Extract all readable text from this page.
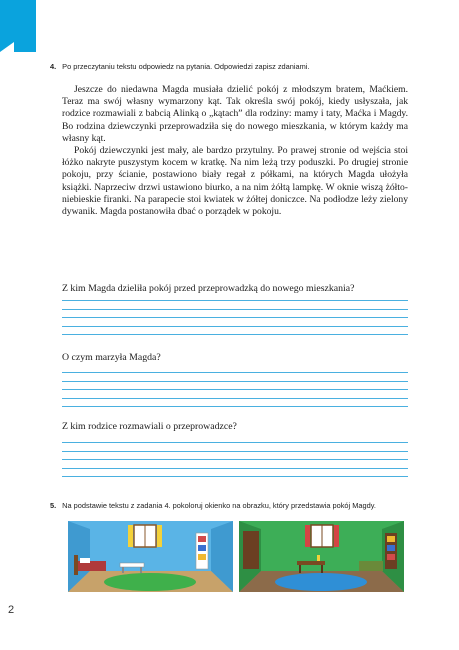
4. Po przeczytaniu tekstu odpowiedz na pytania. Odpowiedzi zapisz zdaniami.

Jeszcze do niedawna Magda musiała dzielić pokój z młodszym bratem, Maćkiem. Teraz ma swój własny wymarzony kąt. Tak określa swój pokój, kiedy usłyszała, jak rodzice rozmawiali z babcią Alinką o „kątach” dla rodziny: mamy i taty, Maćka i Magdy. Bo rodzina dziewczynki przeprowadziła się do nowego mieszkania, w którym każdy ma własny kąt.

Pokój dziewczynki jest mały, ale bardzo przytulny. Po prawej stronie od wejścia stoi łóżko nakryte puszystym kocem w kratkę. Na nim leżą trzy poduszki. Po drugiej stronie pokoju, przy ścianie, postawiono biały regał z półkami, na których Magda ułożyła książki. Naprzeciw drzwi ustawiono biurko, a na nim żółtą lampkę. W oknie wiszą żółto-niebieskie firanki. Na parapecie stoi kwiatek w żółtej doniczce. Na podłodze leży zielony dywanik. Magda postanowiła dbać o porządek w pokoju.

Z kim Magda dzieliła pokój przed przeprowadzką do nowego mieszkania?
O czym marzyła Magda?
Z kim rodzice rozmawiali o przeprowadzce?
5. Na podstawie tekstu z zadania 4. pokoloruj okienko na obrazku, który przedstawia pokój Magdy.
2
